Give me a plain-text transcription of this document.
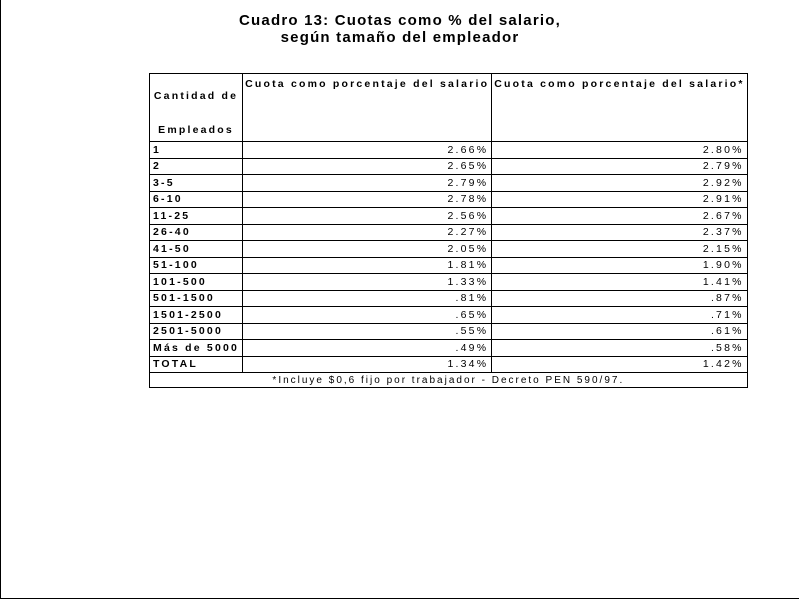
Cuadro 13: Cuotas como % del salario,
según tamaño del empleador
Cantidad de
Empleados	Cuota como porcentaje del salario	Cuota como porcentaje del salario*
1	2.66%	2.80%
2	2.65%	2.79%
3-5	2.79%	2.92%
6-10	2.78%	2.91%
11-25	2.56%	2.67%
26-40	2.27%	2.37%
41-50	2.05%	2.15%
51-100	1.81%	1.90%
101-500	1.33%	1.41%
501-1500	.81%	.87%
1501-2500	.65%	.71%
2501-5000	.55%	.61%
Más de 5000	.49%	.58%
TOTAL	1.34%	1.42%
*Incluye $0,6 fijo por trabajador - Decreto PEN 590/97.		
